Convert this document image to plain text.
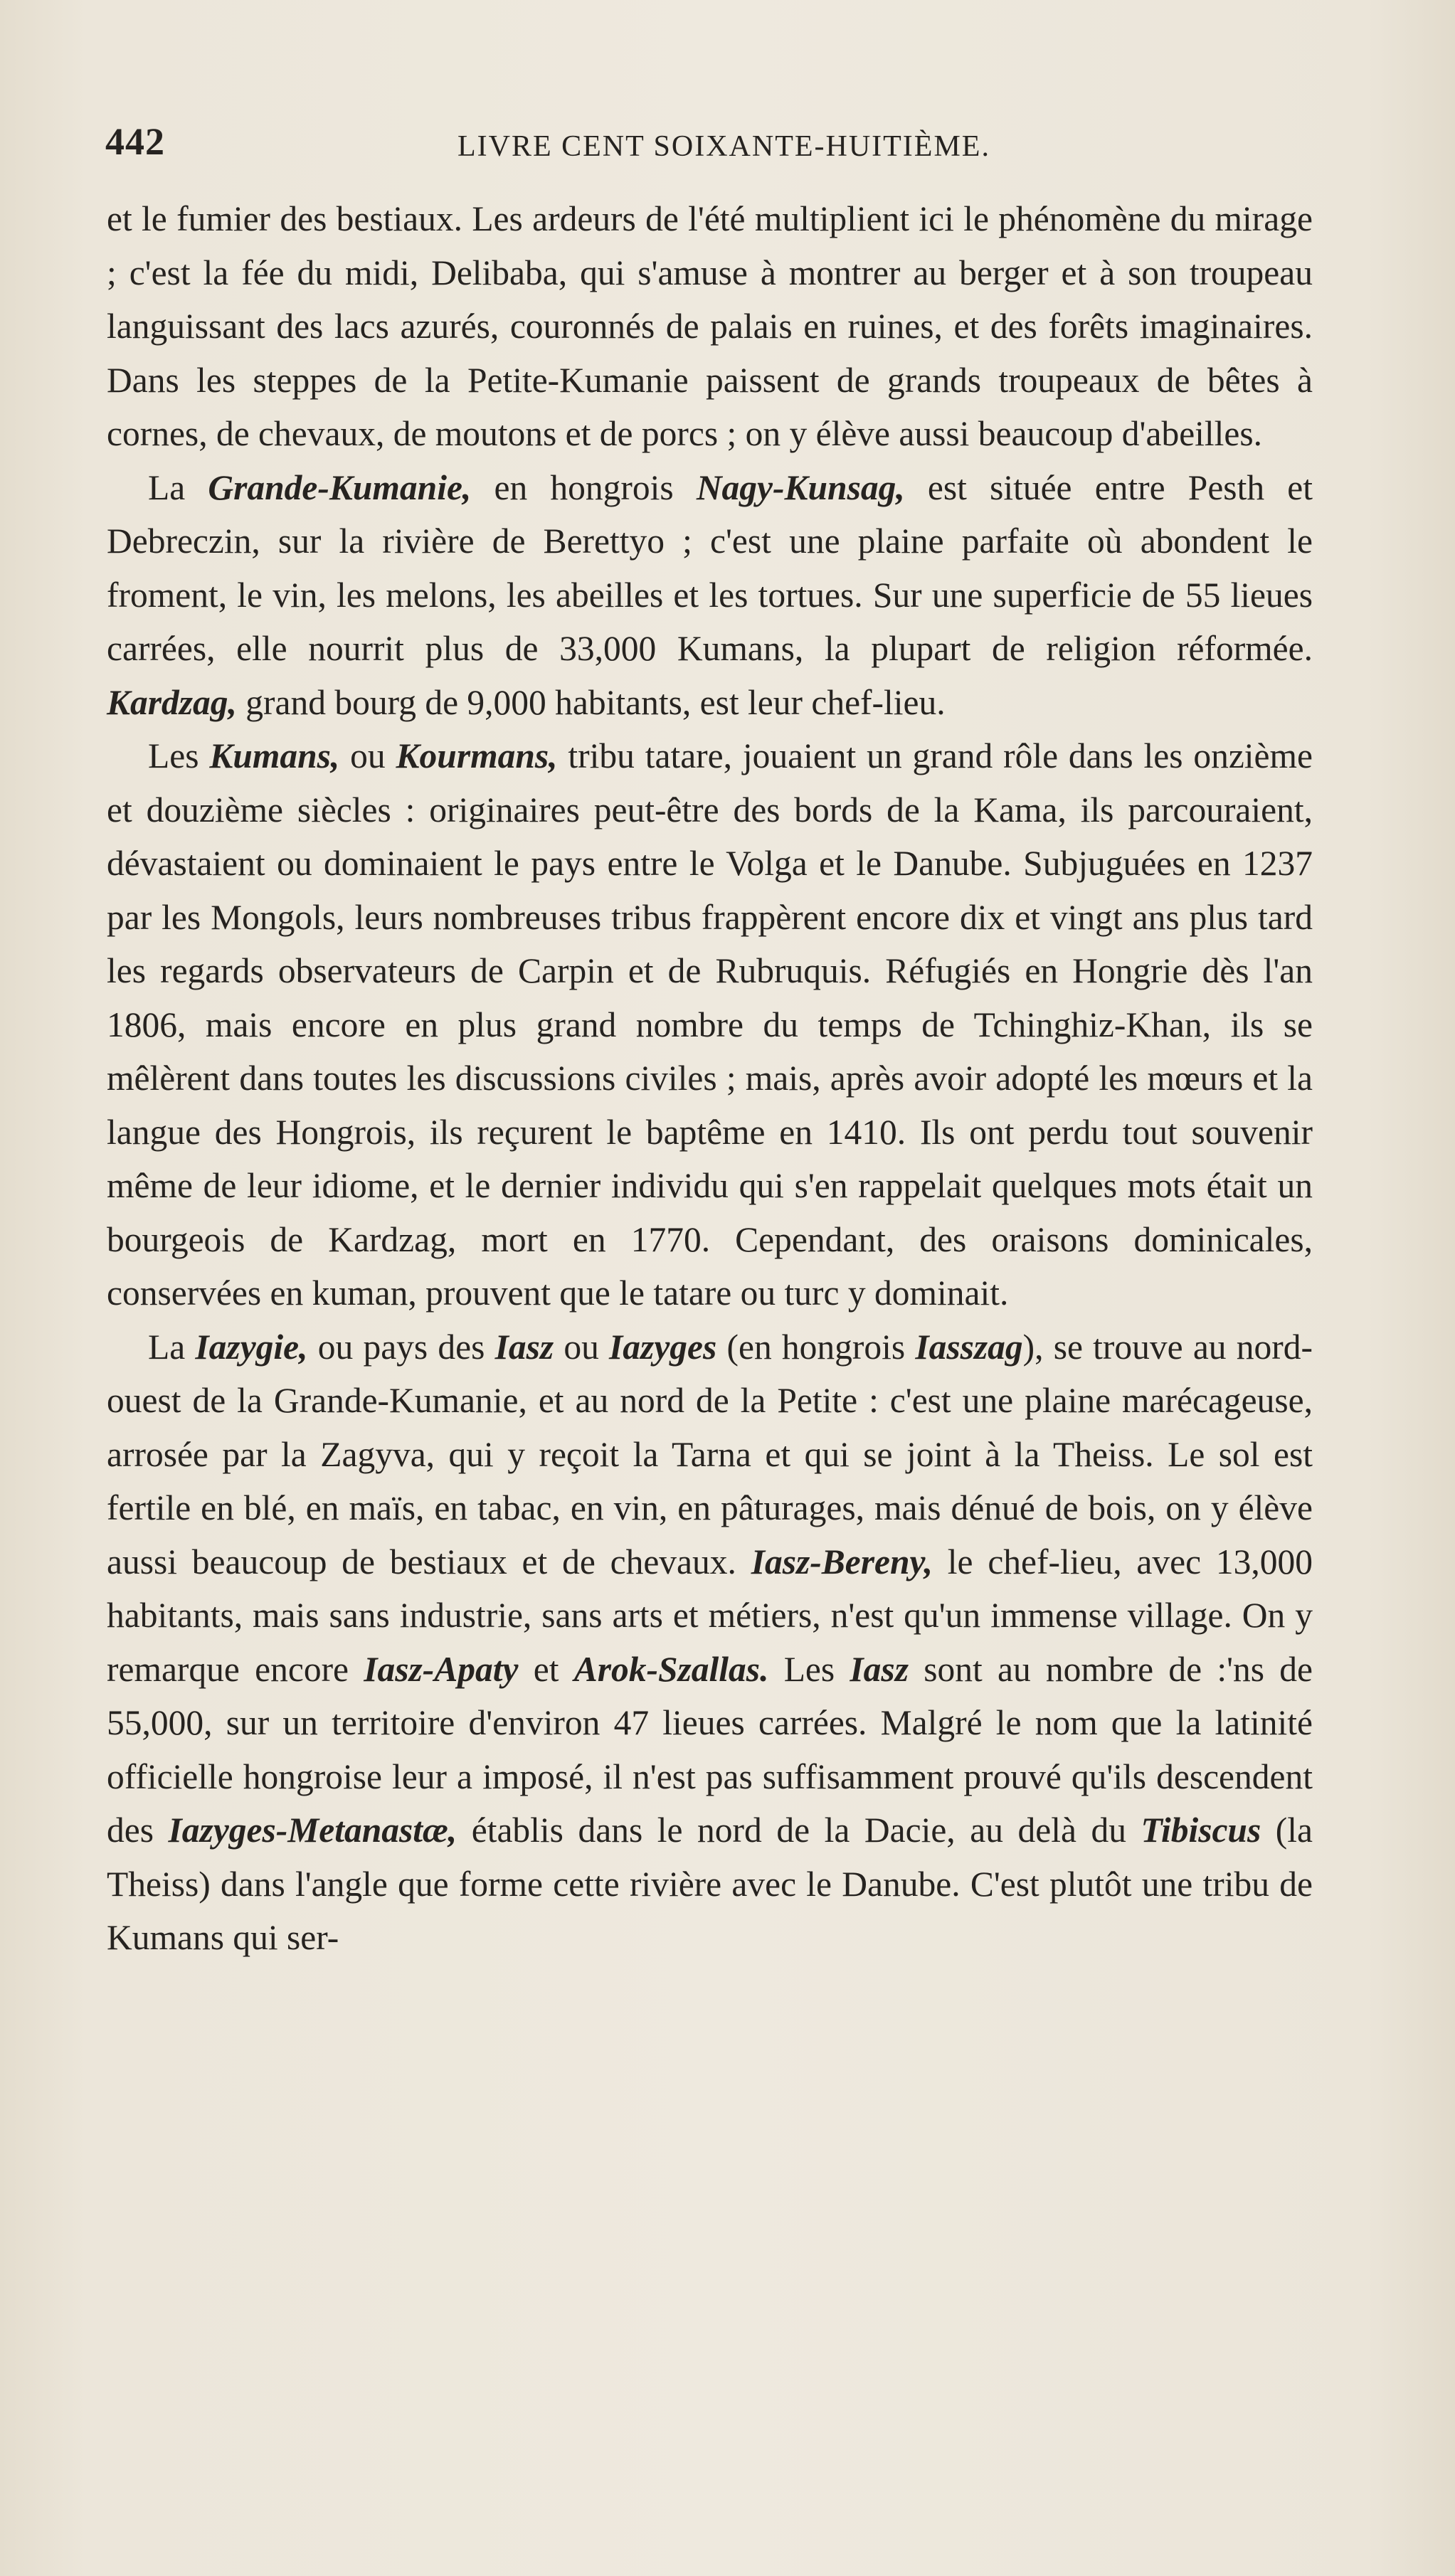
442	LIVRE CENT SOIXANTE-HUITIÈME.

et le fumier des bestiaux. Les ardeurs de l'été multiplient ici le phénomène du mirage ; c'est la fée du midi, Delibaba, qui s'amuse à montrer au berger et à son troupeau languissant des lacs azurés, couronnés de palais en ruines, et des forêts imaginaires. Dans les steppes de la Petite-Kumanie paissent de grands troupeaux de bêtes à cornes, de chevaux, de moutons et de porcs ; on y élève aussi beaucoup d'abeilles.

La Grande-Kumanie, en hongrois Nagy-Kunsag, est située entre Pesth et Debreczin, sur la rivière de Berettyo ; c'est une plaine parfaite où abondent le froment, le vin, les melons, les abeilles et les tortues. Sur une superficie de 55 lieues carrées, elle nourrit plus de 33,000 Kumans, la plupart de religion réformée. Kardzag, grand bourg de 9,000 habitants, est leur chef-lieu.

Les Kumans, ou Kourmans, tribu tatare, jouaient un grand rôle dans les onzième et douzième siècles : originaires peut-être des bords de la Kama, ils parcouraient, dévastaient ou dominaient le pays entre le Volga et le Danube. Subjuguées en 1237 par les Mongols, leurs nombreuses tribus frappèrent encore dix et vingt ans plus tard les regards observateurs de Carpin et de Rubruquis. Réfugiés en Hongrie dès l'an 1806, mais encore en plus grand nombre du temps de Tchinghiz-Khan, ils se mêlèrent dans toutes les discussions civiles ; mais, après avoir adopté les mœurs et la langue des Hongrois, ils reçurent le baptême en 1410. Ils ont perdu tout souvenir même de leur idiome, et le dernier individu qui s'en rappelait quelques mots était un bourgeois de Kardzag, mort en 1770. Cependant, des oraisons dominicales, conservées en kuman, prouvent que le tatare ou turc y dominait.

La Iazygie, ou pays des Iasz ou Iazyges (en hongrois Iasszag), se trouve au nord-ouest de la Grande-Kumanie, et au nord de la Petite : c'est une plaine marécageuse, arrosée par la Zagyva, qui y reçoit la Tarna et qui se joint à la Theiss. Le sol est fertile en blé, en maïs, en tabac, en vin, en pâturages, mais dénué de bois, on y élève aussi beaucoup de bestiaux et de chevaux. Iasz-Bereny, le chef-lieu, avec 13,000 habitants, mais sans industrie, sans arts et métiers, n'est qu'un immense village. On y remarque encore Iasz-Apaty et Arok-Szallas. Les Iasz sont au nombre de :'ns de 55,000, sur un territoire d'environ 47 lieues carrées. Malgré le nom que la latinité officielle hongroise leur a imposé, il n'est pas suffisamment prouvé qu'ils descendent des Iazyges-Metanastæ, établis dans le nord de la Dacie, au delà du Tibiscus (la Theiss) dans l'angle que forme cette rivière avec le Danube. C'est plutôt une tribu de Kumans qui ser-
